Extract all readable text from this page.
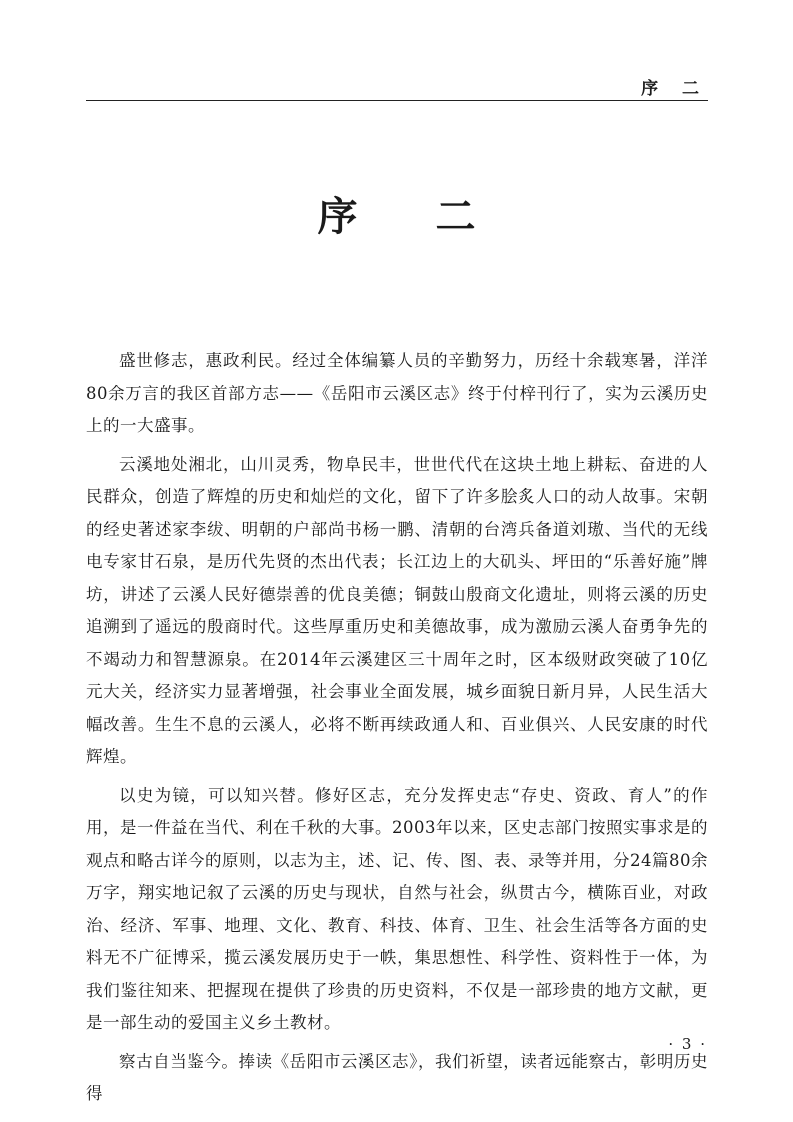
序 二
序 二

盛世修志，惠政利民。经过全体编纂人员的辛勤努力，历经十余载寒暑，洋洋80余万言的我区首部方志——《岳阳市云溪区志》终于付梓刊行了，实为云溪历史上的一大盛事。

云溪地处湘北，山川灵秀，物阜民丰，世世代代在这块土地上耕耘、奋进的人民群众，创造了辉煌的历史和灿烂的文化，留下了许多脍炙人口的动人故事。宋朝的经史著述家李绂、明朝的户部尚书杨一鹏、清朝的台湾兵备道刘璈、当代的无线电专家甘石泉，是历代先贤的杰出代表；长江边上的大矶头、坪田的“乐善好施”牌坊，讲述了云溪人民好德崇善的优良美德；铜鼓山殷商文化遗址，则将云溪的历史追溯到了遥远的殷商时代。这些厚重历史和美德故事，成为激励云溪人奋勇争先的不竭动力和智慧源泉。在2014年云溪建区三十周年之时，区本级财政突破了10亿元大关，经济实力显著增强，社会事业全面发展，城乡面貌日新月异，人民生活大幅改善。生生不息的云溪人，必将不断再续政通人和、百业俱兴、人民安康的时代辉煌。

以史为镜，可以知兴替。修好区志，充分发挥史志“存史、资政、育人”的作用，是一件益在当代、利在千秋的大事。2003年以来，区史志部门按照实事求是的观点和略古详今的原则，以志为主，述、记、传、图、表、录等并用，分24篇80余万字，翔实地记叙了云溪的历史与现状，自然与社会，纵贯古今，横陈百业，对政治、经济、军事、地理、文化、教育、科技、体育、卫生、社会生活等各方面的史料无不广征博采，揽云溪发展历史于一帙，集思想性、科学性、资料性于一体，为我们鉴往知来、把握现在提供了珍贵的历史资料，不仅是一部珍贵的地方文献，更是一部生动的爱国主义乡土教材。

察古自当鉴今。捧读《岳阳市云溪区志》，我们祈望，读者远能察古，彰明历史得

· 3 ·
